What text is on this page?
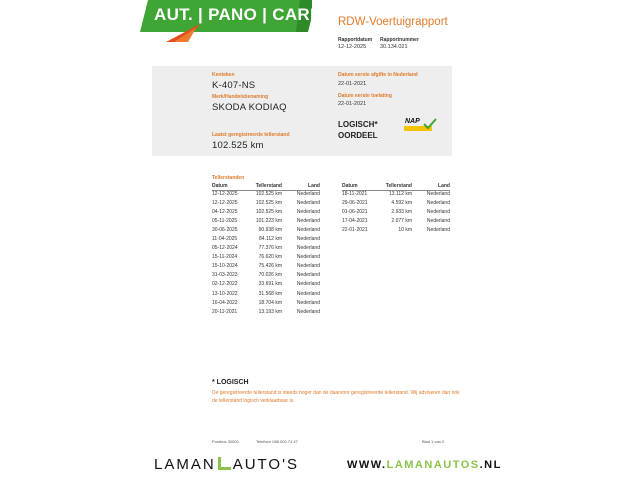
AUT. | PANO | CARPLAY
RDW-Voertuigrapport
Rapportdatum
12-12-2025
Rapportnummer
30.134.021
Kenteken
K-407-NS
Merk/Handelsbenaming
SKODA KODIAQ
Laatst geregistreerde tellerstand
102.525 km
Datum eerste afgifte in Nederland
22-01-2021
Datum eerste toelating
22-01-2021
LOGISCH*
OORDEEL
NAP
Tellerstanden
Datum	Tellerstand	Land
12-12-2025	102.525 km	Nederland
12-12-2025	102.525 km	Nederland
04-12-2025	102.525 km	Nederland
05-11-2025	101.223 km	Nederland
30-06-2025	90.938 km	Nederland
11-04-2025	84.112 km	Nederland
05-12-2024	77.376 km	Nederland
15-11-2024	76.620 km	Nederland
15-10-2024	75.426 km	Nederland
31-03-2023	70.026 km	Nederland
02-12-2022	33.691 km	Nederland
13-10-2022	31.568 km	Nederland
16-04-2022	18.704 km	Nederland
20-11-2021	13.193 km	Nederland
Datum	Tellerstand	Land
18-11-2021	13.112 km	Nederland
29-06-2021	4.592 km	Nederland
01-06-2021	2.933 km	Nederland
17-04-2021	2.077 km	Nederland
22-01-2021	10 km	Nederland
* LOGISCH
De geregistreerde tellerstand is steeds hoger dan de daarvoor geregistreerde tellerstand. Wij adviseren dan ook de tellerstand logisch verklaarbaar is.
Postbus 30000	Telefoon 088 000 74 47	Blad 1 van 2
LAMAN AUTO'S	WWW.LAMANAUTOS.NL
